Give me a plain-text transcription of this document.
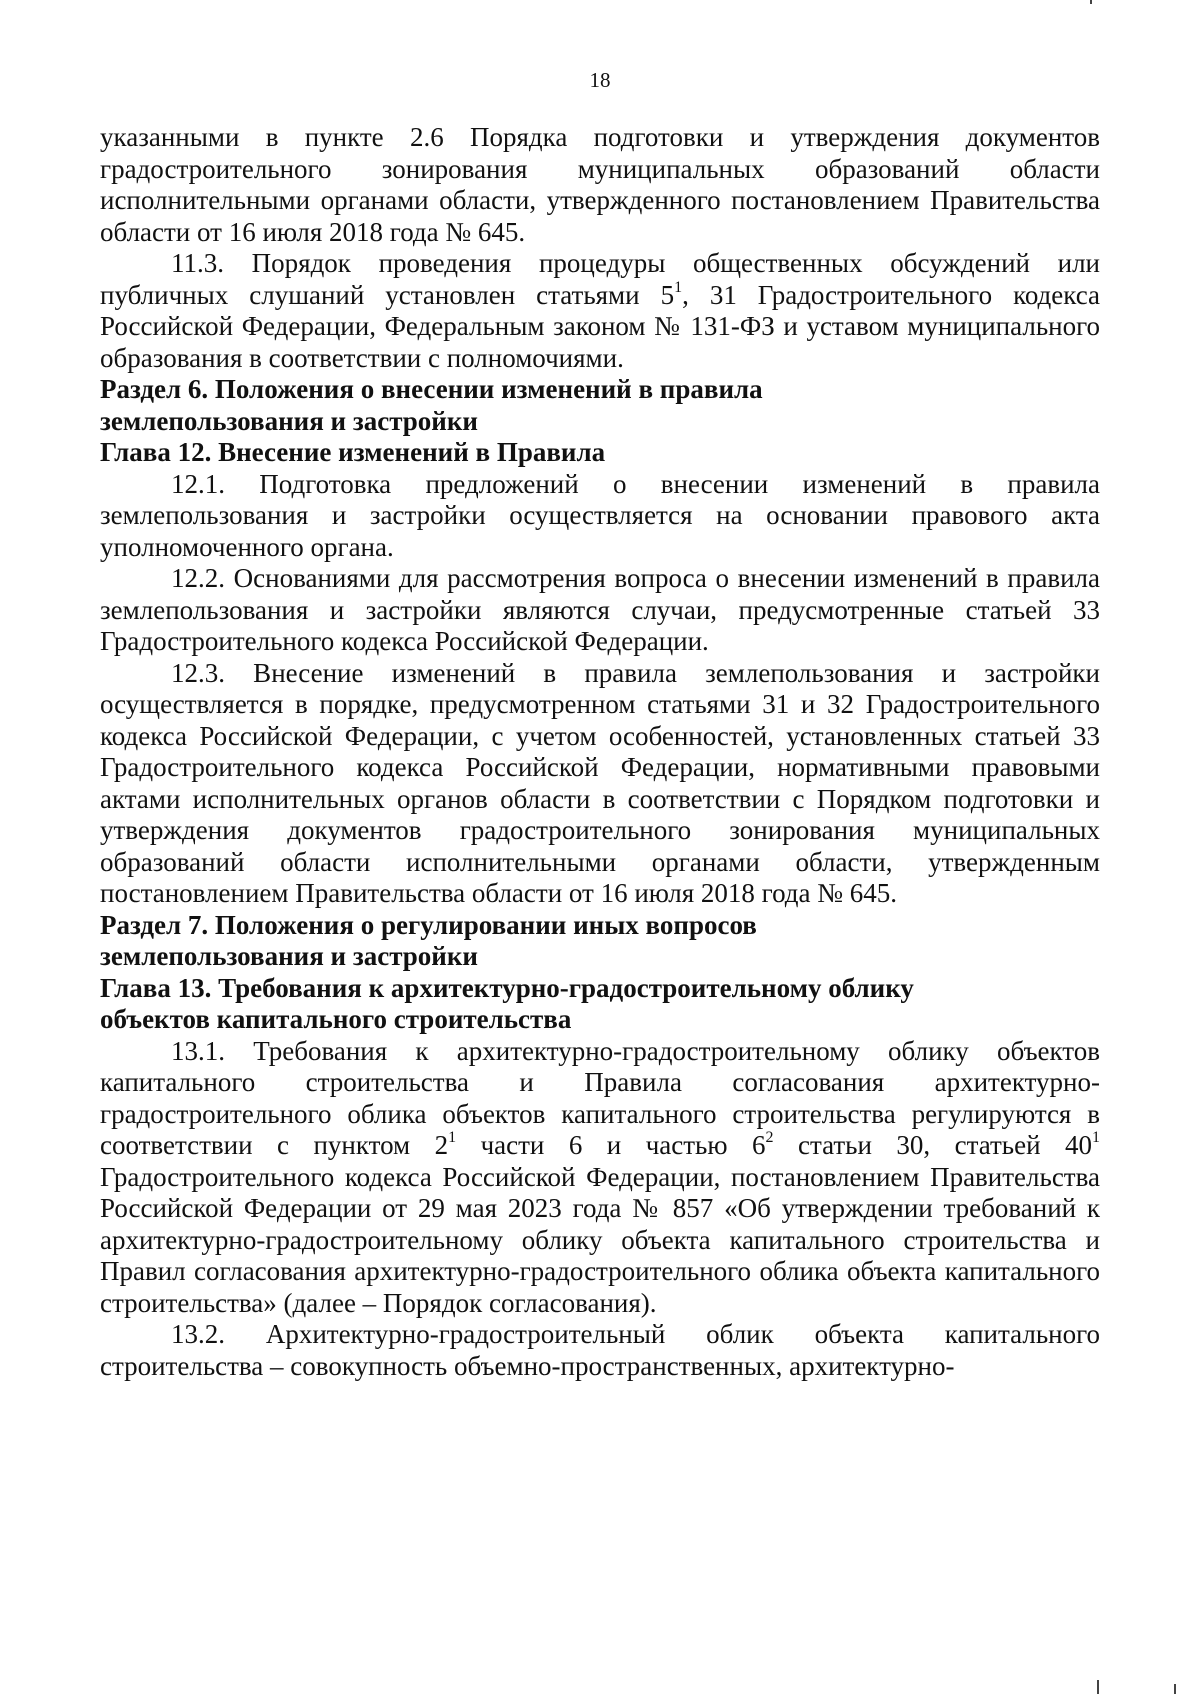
18

указанными в пункте 2.6 Порядка подготовки и утверждения документов градостроительного зонирования муниципальных образований области исполнительными органами области, утвержденного постановлением Правительства области от 16 июля 2018 года № 645.

11.3. Порядок проведения процедуры общественных обсуждений или публичных слушаний установлен статьями $5^1$, 31 Градостроительного кодекса Российской Федерации, Федеральным законом № 131-ФЗ и уставом муниципального образования в соответствии с полномочиями.

Раздел 6. Положения о внесении изменений в правила
землепользования и застройки

Глава 12. Внесение изменений в Правила

12.1. Подготовка предложений о внесении изменений в правила землепользования и застройки осуществляется на основании правового акта уполномоченного органа.

12.2. Основаниями для рассмотрения вопроса о внесении изменений в правила землепользования и застройки являются случаи, предусмотренные статьей 33 Градостроительного кодекса Российской Федерации.

12.3. Внесение изменений в правила землепользования и застройки осуществляется в порядке, предусмотренном статьями 31 и 32 Градостроительного кодекса Российской Федерации, с учетом особенностей, установленных статьей 33 Градостроительного кодекса Российской Федерации, нормативными правовыми актами исполнительных органов области в соответствии с Порядком подготовки и утверждения документов градостроительного зонирования муниципальных образований области исполнительными органами области, утвержденным постановлением Правительства области от 16 июля 2018 года № 645.

Раздел 7. Положения о регулировании иных вопросов
землепользования и застройки

Глава 13. Требования к архитектурно-градостроительному облику
объектов капитального строительства

13.1. Требования к архитектурно-градостроительному облику объектов капитального строительства и Правила согласования архитектурно-градостроительного облика объектов капитального строительства регулируются в соответствии с пунктом $2^1$ части 6 и частью $6^2$ статьи 30, статьей $40^1$ Градостроительного кодекса Российской Федерации, постановлением Правительства Российской Федерации от 29 мая 2023 года № 857 «Об утверждении требований к архитектурно-градостроительному облику объекта капитального строительства и Правил согласования архитектурно-градостроительного облика объекта капитального строительства» (далее – Порядок согласования).

13.2. Архитектурно-градостроительный облик объекта капитального строительства – совокупность объемно-пространственных, архитектурно-
